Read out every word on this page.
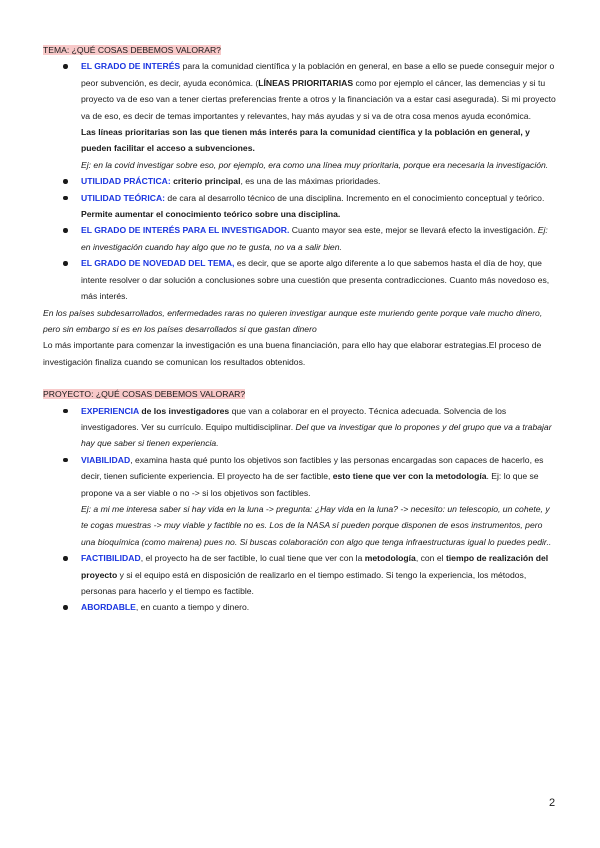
TEMA: ¿QUÉ COSAS DEBEMOS VALORAR?

EL GRADO DE INTERÉS para la comunidad científica y la población en general, en base a ello se puede conseguir mejor o peor subvención, es decir, ayuda económica. (LÍNEAS PRIORITARIAS como por ejemplo el cáncer, las demencias y si tu proyecto va de eso van a tener ciertas preferencias frente a otros y la financiación va a estar casi asegurada). Si mi proyecto va de eso, es decir de temas importantes y relevantes, hay más ayudas y si va de otra cosa menos ayuda económica.

Las líneas prioritarias son las que tienen más interés para la comunidad científica y la población en general, y pueden facilitar el acceso a subvenciones.

Ej: en la covid investigar sobre eso, por ejemplo, era como una línea muy prioritaria, porque era necesaria la investigación.

UTILIDAD PRÁCTICA: criterio principal, es una de las máximas prioridades.
UTILIDAD TEÓRICA: de cara al desarrollo técnico de una disciplina. Incremento en el conocimiento conceptual y teórico. Permite aumentar el conocimiento teórico sobre una disciplina.
EL GRADO DE INTERÉS PARA EL INVESTIGADOR. Cuanto mayor sea este, mejor se llevará efecto la investigación. Ej: en investigación cuando hay algo que no te gusta, no va a salir bien.
EL GRADO DE NOVEDAD DEL TEMA, es decir, que se aporte algo diferente a lo que sabemos hasta el día de hoy, que intente resolver o dar solución a conclusiones sobre una cuestión que presenta contradicciones. Cuanto más novedoso es, más interés.

En los países subdesarrollados, enfermedades raras no quieren investigar aunque este muriendo gente porque vale mucho dinero, pero sin embargo si es en los países desarrollados si que gastan dinero

Lo más importante para comenzar la investigación es una buena financiación, para ello hay que elaborar estrategias.El proceso de investigación finaliza cuando se comunican los resultados obtenidos.

PROYECTO: ¿QUÉ COSAS DEBEMOS VALORAR?

EXPERIENCIA de los investigadores que van a colaborar en el proyecto. Técnica adecuada. Solvencia de los investigadores. Ver su currículo. Equipo multidisciplinar. Del que va investigar que lo propones y del grupo que va a trabajar hay que saber si tienen experiencia.
VIABILIDAD, examina hasta qué punto los objetivos son factibles y las personas encargadas son capaces de hacerlo, es decir, tienen suficiente experiencia. El proyecto ha de ser factible, esto tiene que ver con la metodología. Ej: lo que se propone va a ser viable o no -> si los objetivos son factibles.

Ej: a mi me interesa saber si hay vida en la luna -> pregunta: ¿Hay vida en la luna? -> necesito: un telescopio, un cohete, y te cogas muestras -> muy viable y factible no es. Los de la NASA sí pueden porque disponen de esos instrumentos, pero una bioquímica (como mairena) pues no. Si buscas colaboración con algo que tenga infraestructuras igual lo puedes pedir..

FACTIBILIDAD, el proyecto ha de ser factible, lo cual tiene que ver con la metodología, con el tiempo de realización del proyecto y si el equipo está en disposición de realizarlo en el tiempo estimado. Si tengo la experiencia, los métodos, personas para hacerlo y el tiempo es factible.
ABORDABLE, en cuanto a tiempo y dinero.
2
